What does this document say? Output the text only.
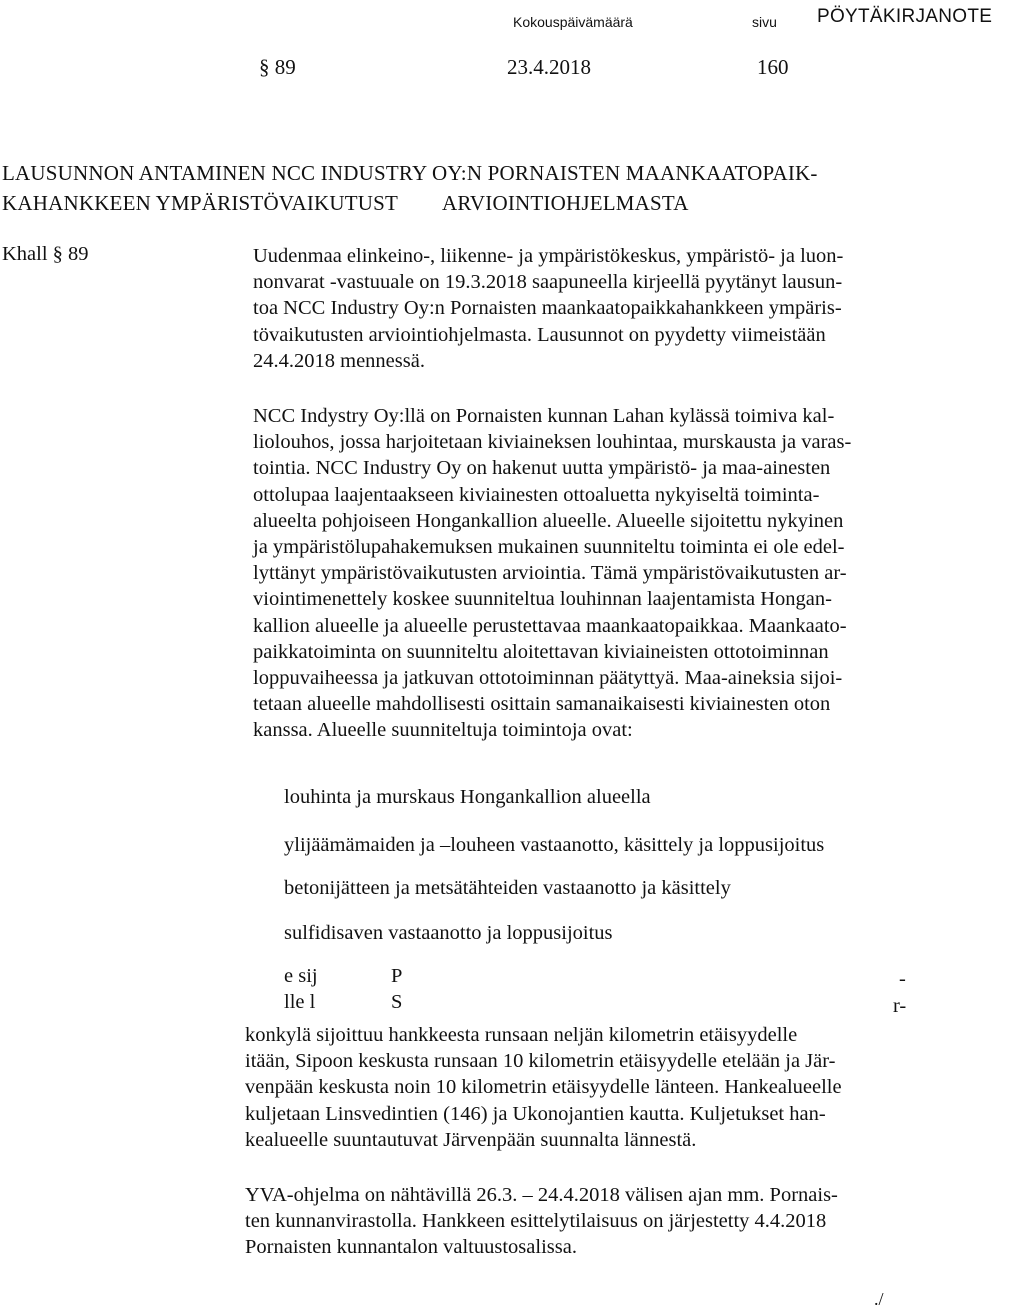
Kokouspäivämäärä	sivu PÖYTÄKIRJANOTE
§ 89	23.4.2018	160
LAUSUNNON ANTAMINEN NCC INDUSTRY OY:N PORNAISTEN MAANKAATOPAIK-
KAHANKKEEN YMPÄRISTÖVAIKUTUST ARVIOINTIOHJELMASTA
Khall § 89	Uudenmaa elinkeino-, liikenne- ja ympäristökeskus, ympäristö- ja luon-
nonvarat -vastuuale on 19.3.2018 saapuneella kirjeellä pyytänyt lausun-
toa NCC Industry Oy:n Pornaisten maankaatopaikkahankkeen ympäris-
tövaikutusten arviointiohjelmasta. Lausunnot on pyydetty viimeistään
24.4.2018 mennessä.
NCC Indystry Oy:llä on Pornaisten kunnan Lahan kylässä toimiva kal-
liolouhos, jossa harjoitetaan kiviaineksen louhintaa, murskausta ja varas-
tointia. NCC Industry Oy on hakenut uutta ympäristö- ja maa-ainesten
ottolupaa laajentaakseen kiviainesten ottoaluetta nykyiseltä toiminta-
alueelta pohjoiseen Hongankallion alueelle. Alueelle sijoitettu nykyinen
ja ympäristölupahakemuksen mukainen suunniteltu toiminta ei ole edel-
lyttänyt ympäristövaikutusten arviointia. Tämä ympäristövaikutusten ar-
viointimenettely koskee suunniteltua louhinnan laajentamista Hongan-
kallion alueelle ja alueelle perustettavaa maankaatopaikkaa. Maankaato-
paikkatoiminta on suunniteltu aloitettavan kiviaineisten ottotoiminnan
loppuvaiheessa ja jatkuvan ottotoiminnan päätyttyä. Maa-aineksia sijoi-
tetaan alueelle mahdollisesti osittain samanaikaisesti kiviainesten oton
kanssa. Alueelle suunniteltuja toimintoja ovat:
louhinta ja murskaus Hongankallion alueella
ylijäämämaiden ja –louheen vastaanotto, käsittely ja loppusijoitus
betonijätteen ja metsätähteiden vastaanotto ja käsittely
sulfidisaven vastaanotto ja loppusijoitus
e sij	P	-
lle l	S	r-
konkylä sijoittuu hankkeesta runsaan neljän kilometrin etäisyydelle
itään, Sipoon keskusta runsaan 10 kilometrin etäisyydelle etelään ja Jär-
venpään keskusta noin 10 kilometrin etäisyydelle länteen. Hankealueelle
kuljetaan Linsvedintien (146) ja Ukonojantien kautta. Kuljetukset han-
kealueelle suuntautuvat Järvenpään suunnalta lännestä.
YVA-ohjelma on nähtävillä 26.3. – 24.4.2018 välisen ajan mm. Pornais-
ten kunnanvirastolla. Hankkeen esittelytilaisuus on järjestetty 4.4.2018
Pornaisten kunnantalon valtuustosalissa.
./
